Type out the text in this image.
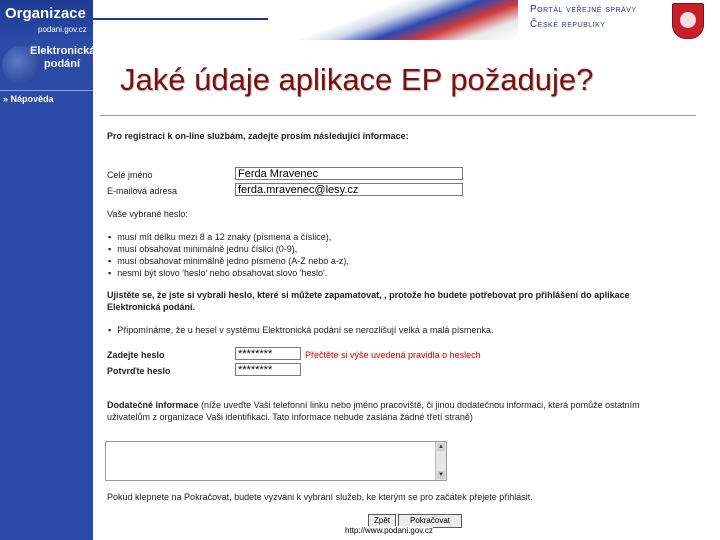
Organizace
podani.gov.cz
Portál veřejné správy
České republiky
Elektronická
podání
» Nápověda
Jaké údaje aplikace EP požaduje?
Pro registraci k on-line službám, zadejte prosím následující informace:
Celé jméno	Ferda Mravenec
E-mailová adresa	ferda.mravenec@lesy.cz
Vaše vybrané heslo:
▪ musí mít délku mezi 8 a 12 znaky (písmena a číslice),
▪ musí obsahovat minimálně jednu číslici (0-9),
▪ musí obsahovat minimálně jedno písmeno (A-Z nebo a-z),
▪ nesmí být slovo 'heslo' nebo obsahovat slovo 'heslo'.
Ujistěte se, že jste si vybrali heslo, které si můžete zapamatovat, , protože ho budete potřebovat pro přihlášení do aplikace
Elektronická podání.
▪ Připomínáme, že u hesel v systému Elektronická podání se nerozlišují velká a malá písmenka.
Zadejte heslo	********	Přečtěte si výše uvedená pravidla o heslech
Potvrďte heslo	********
Dodatečné informace (níže uveďte Vaši telefonní linku nebo jméno pracoviště, či jinou dodatečnou informaci, která pomůže ostatním
uživatelům z organizace Vaši identifikaci. Tato informace nebude zaslána žádné třetí straně)
▲
▼
Pokud klepnete na Pokračovat, budete vyzváni k vybrání služeb, ke kterým se pro začátek přejete přihlásit.
Zpět	Pokračovat
http://www.podani.gov.cz
